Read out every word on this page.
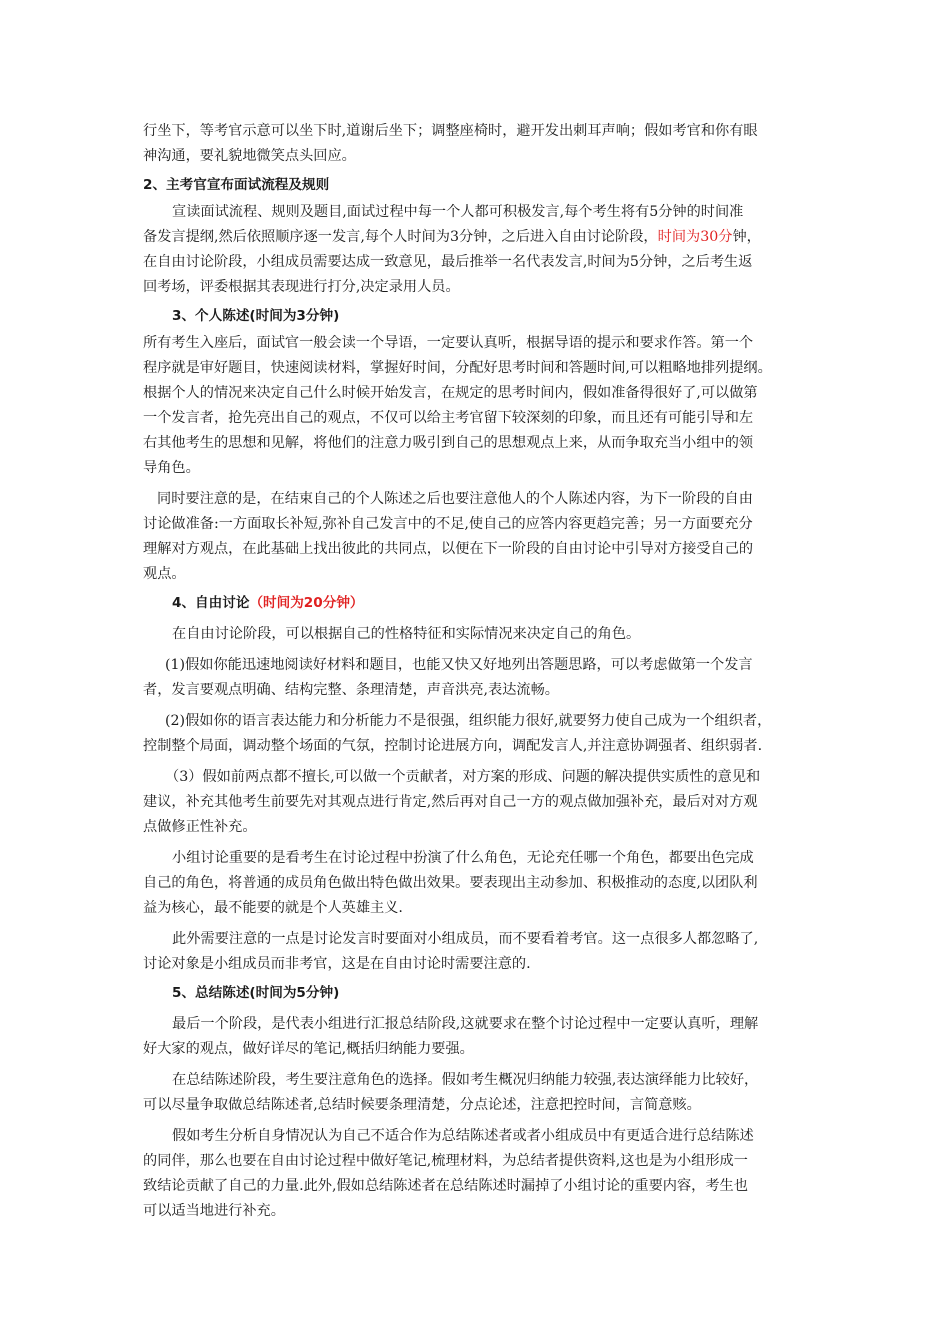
行坐下，等考官示意可以坐下时,道谢后坐下；调整座椅时，避开发出刺耳声响；假如考官和你有眼
神沟通，要礼貌地微笑点头回应。

2、主考官宣布面试流程及规则

宣读面试流程、规则及题目,面试过程中每一个人都可积极发言,每个考生将有5分钟的时间准
备发言提纲,然后依照顺序逐一发言,每个人时间为3分钟，之后进入自由讨论阶段，时间为30分钟，
在自由讨论阶段，小组成员需要达成一致意见，最后推举一名代表发言,时间为5分钟，之后考生返
回考场，评委根据其表现进行打分,决定录用人员。

3、个人陈述(时间为3分钟)

所有考生入座后，面试官一般会读一个导语，一定要认真听，根据导语的提示和要求作答。第一个
程序就是审好题目，快速阅读材料，掌握好时间，分配好思考时间和答题时间,可以粗略地排列提纲。
根据个人的情况来决定自己什么时候开始发言，在规定的思考时间内，假如准备得很好了,可以做第
一个发言者，抢先亮出自己的观点，不仅可以给主考官留下较深刻的印象，而且还有可能引导和左
右其他考生的思想和见解，将他们的注意力吸引到自己的思想观点上来，从而争取充当小组中的领
导角色。

同时要注意的是，在结束自己的个人陈述之后也要注意他人的个人陈述内容，为下一阶段的自由
讨论做准备:一方面取长补短,弥补自己发言中的不足,使自己的应答内容更趋完善；另一方面要充分
理解对方观点，在此基础上找出彼此的共同点，以便在下一阶段的自由讨论中引导对方接受自己的
观点。

4、自由讨论（时间为20分钟）

在自由讨论阶段，可以根据自己的性格特征和实际情况来决定自己的角色。

(1)假如你能迅速地阅读好材料和题目，也能又快又好地列出答题思路，可以考虑做第一个发言
者，发言要观点明确、结构完整、条理清楚，声音洪亮,表达流畅。

(2)假如你的语言表达能力和分析能力不是很强，组织能力很好,就要努力使自己成为一个组织者，
控制整个局面，调动整个场面的气氛，控制讨论进展方向，调配发言人,并注意协调强者、组织弱者.

（3）假如前两点都不擅长,可以做一个贡献者，对方案的形成、问题的解决提供实质性的意见和
建议，补充其他考生前要先对其观点进行肯定,然后再对自己一方的观点做加强补充，最后对对方观
点做修正性补充。

小组讨论重要的是看考生在讨论过程中扮演了什么角色，无论充任哪一个角色，都要出色完成
自己的角色，将普通的成员角色做出特色做出效果。要表现出主动参加、积极推动的态度,以团队利
益为核心，最不能要的就是个人英雄主义.

此外需要注意的一点是讨论发言时要面对小组成员，而不要看着考官。这一点很多人都忽略了,
讨论对象是小组成员而非考官，这是在自由讨论时需要注意的.

5、总结陈述(时间为5分钟)

最后一个阶段，是代表小组进行汇报总结阶段,这就要求在整个讨论过程中一定要认真听，理解
好大家的观点，做好详尽的笔记,概括归纳能力要强。

在总结陈述阶段，考生要注意角色的选择。假如考生概况归纳能力较强,表达演绎能力比较好，
可以尽量争取做总结陈述者,总结时候要条理清楚，分点论述，注意把控时间，言简意赅。

假如考生分析自身情况认为自己不适合作为总结陈述者或者小组成员中有更适合进行总结陈述
的同伴，那么也要在自由讨论过程中做好笔记,梳理材料，为总结者提供资料,这也是为小组形成一
致结论贡献了自己的力量.此外,假如总结陈述者在总结陈述时漏掉了小组讨论的重要内容，考生也
可以适当地进行补充。
